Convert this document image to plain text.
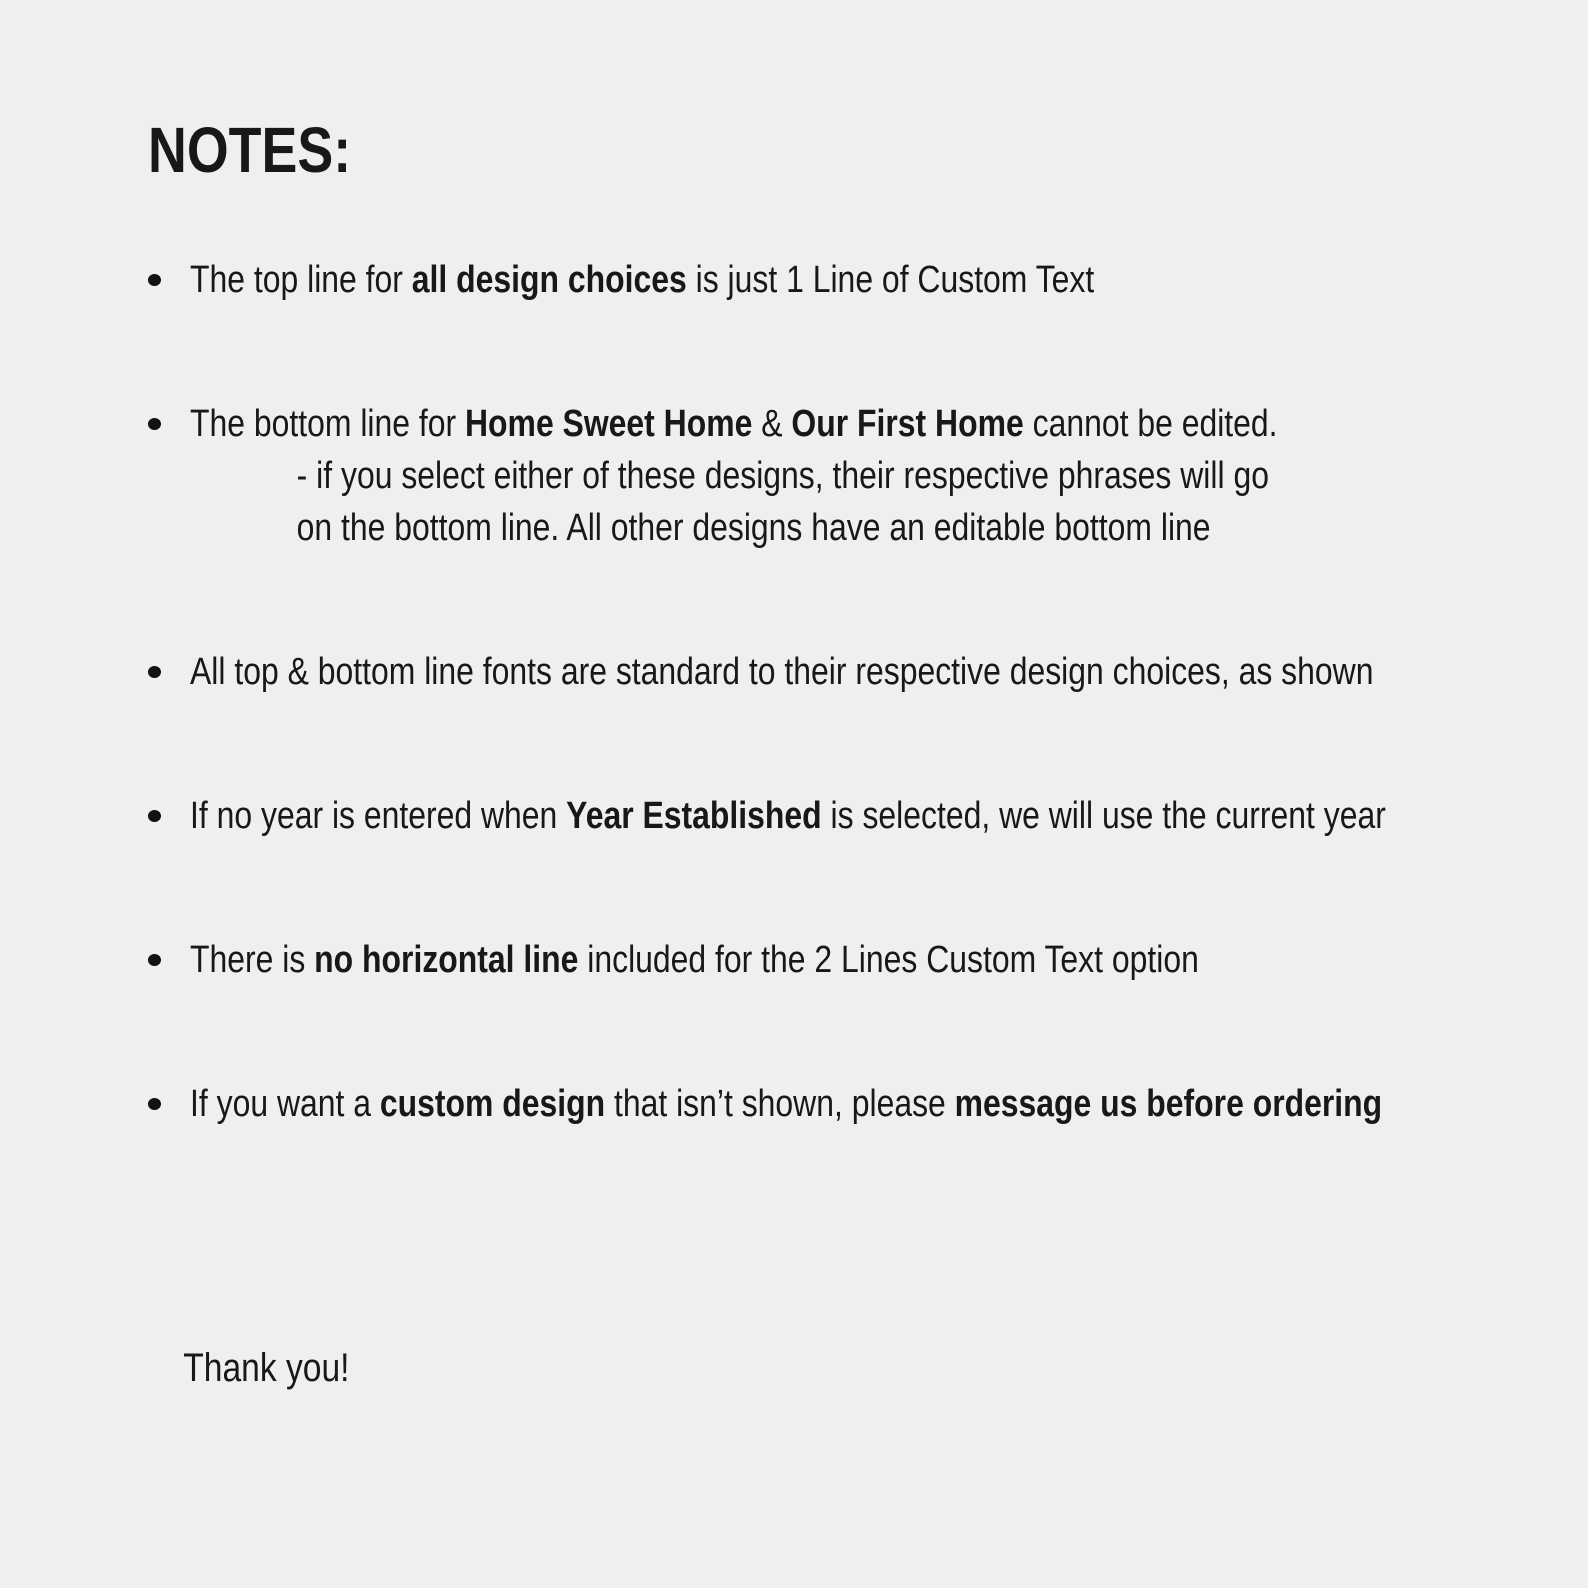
NOTES:
The top line for all design choices is just 1 Line of Custom Text
The bottom line for Home Sweet Home & Our First Home cannot be edited.
- if you select either of these designs, their respective phrases will go
on the bottom line. All other designs have an editable bottom line
All top & bottom line fonts are standard to their respective design choices, as shown
If no year is entered when Year Established is selected, we will use the current year
There is no horizontal line included for the 2 Lines Custom Text option
If you want a custom design that isn’t shown, please message us before ordering
Thank you!
